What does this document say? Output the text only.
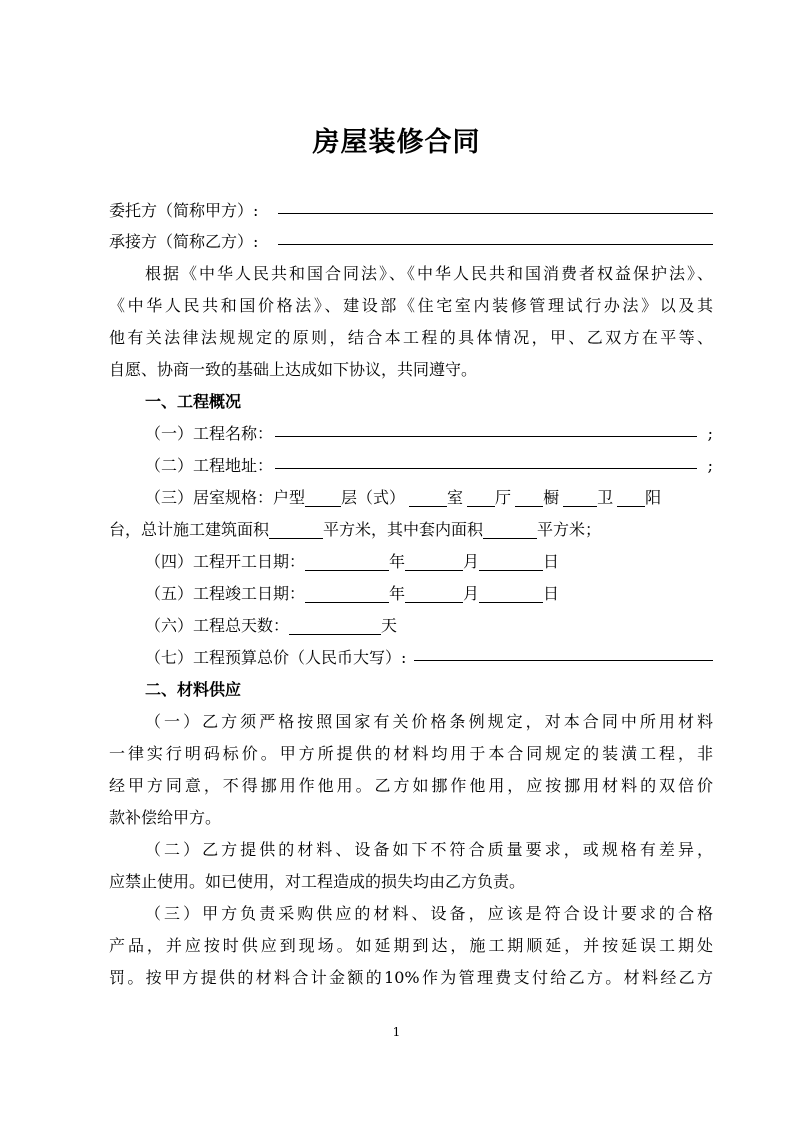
房屋装修合同
委托方（简称甲方）:
承接方（简称乙方）:
根据《中华人民共和国合同法》、《中华人民共和国消费者权益保护法》、
《中华人民共和国价格法》、建设部《住宅室内装修管理试行办法》以及其
他有关法律法规规定的原则，结合本工程的具体情况，甲、乙双方在平等、
自愿、协商一致的基础上达成如下协议，共同遵守。
一、工程概况
（一）工程名称：	;
（二）工程地址：	;
（三）居室规格：户型 层（式）	室 厅 橱 卫 阳
台，总计施工建筑面积	平方米，其中套内面积	平方米；
（四）工程开工日期：	年	月	日
（五）工程竣工日期：	年	月	日
（六）工程总天数：	天
（七）工程预算总价（人民币大写）:
二、材料供应
（一）乙方须严格按照国家有关价格条例规定，对本合同中所用材料
一律实行明码标价。甲方所提供的材料均用于本合同规定的装潢工程，非
经甲方同意，不得挪用作他用。乙方如挪作他用，应按挪用材料的双倍价
款补偿给甲方。
（二）乙方提供的材料、设备如下不符合质量要求，或规格有差异，
应禁止使用。如已使用，对工程造成的损失均由乙方负责。
（三）甲方负责采购供应的材料、设备，应该是符合设计要求的合格
产品，并应按时供应到现场。如延期到达，施工期顺延，并按延误工期处
罚。按甲方提供的材料合计金额的10%作为管理费支付给乙方。材料经乙方
1
